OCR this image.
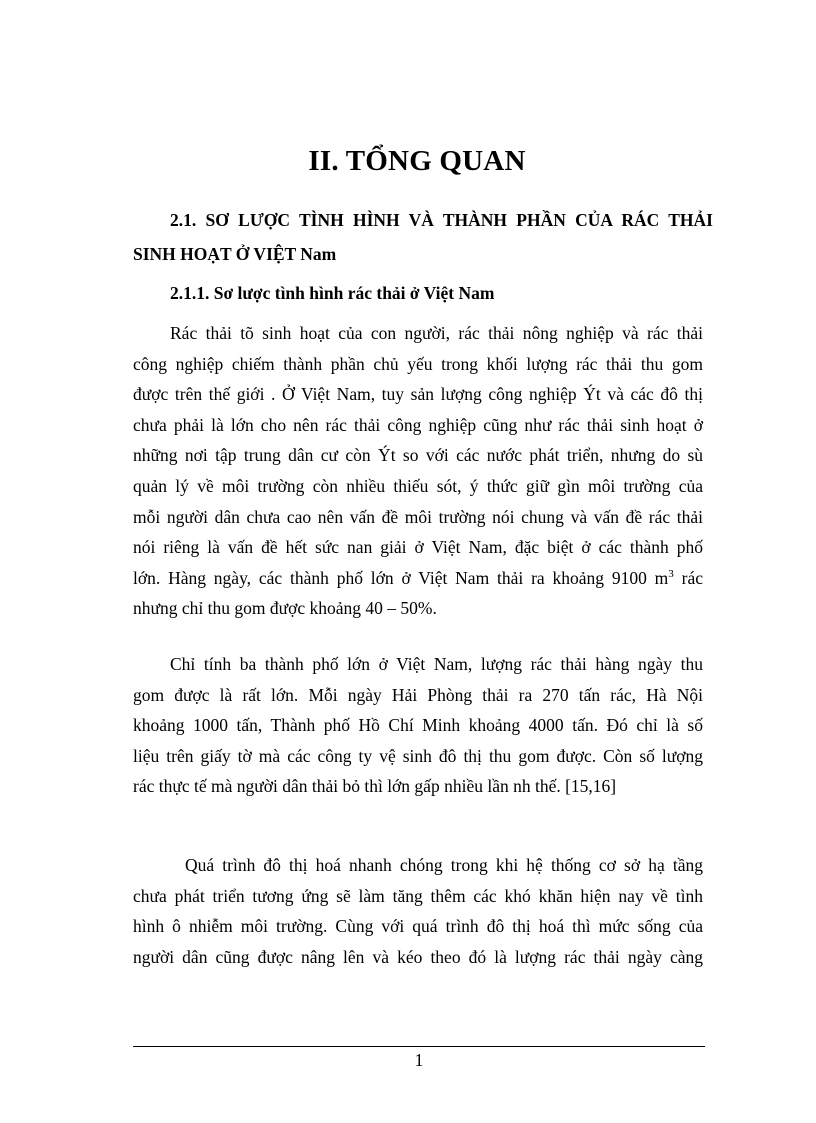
II. TỔNG QUAN
2.1. SƠ LƯỢC TÌNH HÌNH VÀ THÀNH PHẦN CỦA RÁC THẢI
SINH HOẠT Ở VIỆT Nam
2.1.1. Sơ lược tình hình rác thải ở Việt Nam

Rác thải tõ sinh hoạt của con người, rác thải nông nghiệp và rác thải
công nghiệp chiếm thành phần chủ yếu trong khối lượng rác thải thu gom
được trên thế giới . Ở Việt Nam, tuy sản lượng công nghiệp Ýt và các đô thị
chưa phải là lớn cho nên rác thải công nghiệp cũng như rác thải sinh hoạt ở
những nơi tập trung dân cư còn Ýt so với các nước phát triển, nhưng do sù
quản lý về môi trường còn nhiều thiếu sót, ý thức giữ gìn môi trường của
mỗi người dân chưa cao nên vấn đề môi trường nói chung và vấn đề rác thải
nói riêng là vấn đề hết sức nan giải ở Việt Nam, đặc biệt ở các thành phố
lớn. Hàng ngày, các thành phố lớn ở Việt Nam thải ra khoảng 9100 $m^3$ rác
nhưng chỉ thu gom được khoảng 40 – 50%.

Chỉ tính ba thành phố lớn ở Việt Nam, lượng rác thải hàng ngày thu
gom được là rất lớn. Mỗi ngày Hải Phòng thải ra 270 tấn rác, Hà Nội
khoảng 1000 tấn, Thành phố Hồ Chí Minh khoảng 4000 tấn. Đó chỉ là số
liệu trên giấy tờ mà các công ty vệ sinh đô thị thu gom được. Còn số lượng
rác thực tế mà người dân thải bỏ thì lớn gấp nhiều lần nh thế. [15,16]

Quá trình đô thị hoá nhanh chóng trong khi hệ thống cơ sở hạ tầng
chưa phát triển tương ứng sẽ làm tăng thêm các khó khăn hiện nay về tình
hình ô nhiễm môi trường. Cùng với quá trình đô thị hoá thì mức sống của
người dân cũng được nâng lên và kéo theo đó là lượng rác thải ngày càng

1
